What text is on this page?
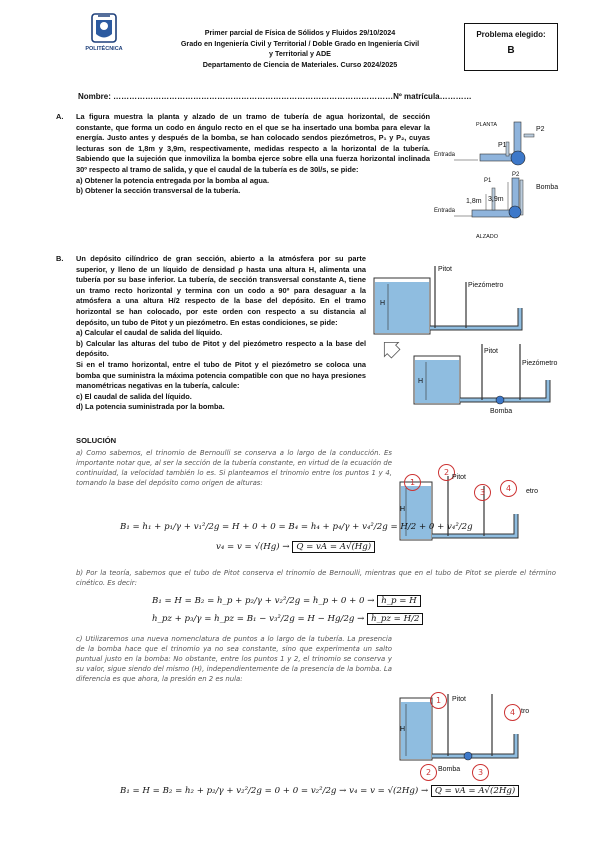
POLITÉCNICA
Primer parcial de Física de Sólidos y Fluidos 29/10/2024
Grado en Ingeniería Civil y Territorial / Doble Grado en Ingeniería Civil
y Territorial y ADE
Departamento de Ciencia de Materiales. Curso 2024/2025
Problema elegido:
B
Nombre: ……………………………………………………………………………………………Nº matrícula…………
A. La figura muestra la planta y alzado de un tramo de tubería de agua horizontal, de sección constante, que forma un codo en ángulo recto en el que se ha insertado una bomba para elevar la energía. Justo antes y después de la bomba, se han colocado sendos piezómetros, P₁ y P₂, cuyas lecturas son de 1,8m y 3,9m, respectivamente, medidas respecto a la horizontal de la tubería. Sabiendo que la sujeción que inmoviliza la bomba ejerce sobre ella una fuerza horizontal inclinada 30º respecto al tramo de salida, y que el caudal de la tubería es de 30l/s, se pide:
a) Obtener la potencia entregada por la bomba al agua.
b) Obtener la sección transversal de la tubería.
PLANTA
P2
P1
Entrada
P1
P2
Bomba
1,8m 3,9m
Entrada
ALZADO
B. Un depósito cilíndrico de gran sección, abierto a la atmósfera por su parte superior, y lleno de un líquido de densidad ρ hasta una altura H, alimenta una tubería por su base inferior. La tubería, de sección transversal constante A, tiene un tramo recto horizontal y termina con un codo a 90º para desaguar a la atmósfera a una altura H/2 respecto de la base del depósito. En el tramo horizontal se han colocado, por este orden con respecto a su distancia al depósito, un tubo de Pitot y un piezómetro. En estas condiciones, se pide:
a) Calcular el caudal de salida del líquido.
b) Calcular las alturas del tubo de Pitot y del piezómetro respecto a la base del depósito.
Si en el tramo horizontal, entre el tubo de Pitot y el piezómetro se coloca una bomba que suministra la máxima potencia compatible con que no haya presiones manométricas negativas en la tubería, calcule:
c) El caudal de salida del líquido.
d) La potencia suministrada por la bomba.
Pitot
Piezómetro
H
Pitot
Piezómetro
H
Bomba
SOLUCIÓN
a) Como sabemos, el trinomio de Bernoulli se conserva a lo largo de la conducción. Es importante notar que, al ser la sección de la tubería constante, en virtud de la ecuación de continuidad, la velocidad también lo es. Si planteamos el trinomio entre los puntos 1 y 4, tomando la base del depósito como origen de alturas:	1
2
Pitot
3	etro
4
H
B₁ = h₁ + p₁/γ + v₁²/2g = H + 0 + 0 = B₄ = h₄ + p₄/γ + v₄²/2g = H/2 + 0 + v₄²/2g
v₄ = v = √(Hg) → Q = vA = A√(Hg)
b) Por la teoría, sabemos que el tubo de Pitot conserva el trinomio de Bernoulli, mientras que en el tubo de Pitot se pierde el término cinético. Es decir:
B₁ = H = B₂ = h_p + p₂/γ + v₂²/2g = h_p + 0 + 0 → h_p = H
h_pz + p₃/γ = h_pz = B₁ − v₃²/2g = H − Hg/2g → h_pz = H/2
c) Utilizaremos una nueva nomenclatura de puntos a lo largo de la tubería. La presencia de la bomba hace que el trinomio ya no sea constante, sino que experimenta un salto puntual justo en la bomba: No obstante, entre los puntos 1 y 2, el trinomio se conserva y su valor, sigue siendo del mismo (H), independientemente de la presencia de la bomba. La diferencia es que ahora, la presión en 2 es nula:
1	Pitot
4 tro
H
2 Bomba	3
B₁ = H = B₂ = h₂ + p₂/γ + v₂²/2g = 0 + 0 = v₂²/2g → v₄ = v = √(2Hg) → Q = vA = A√(2Hg)
